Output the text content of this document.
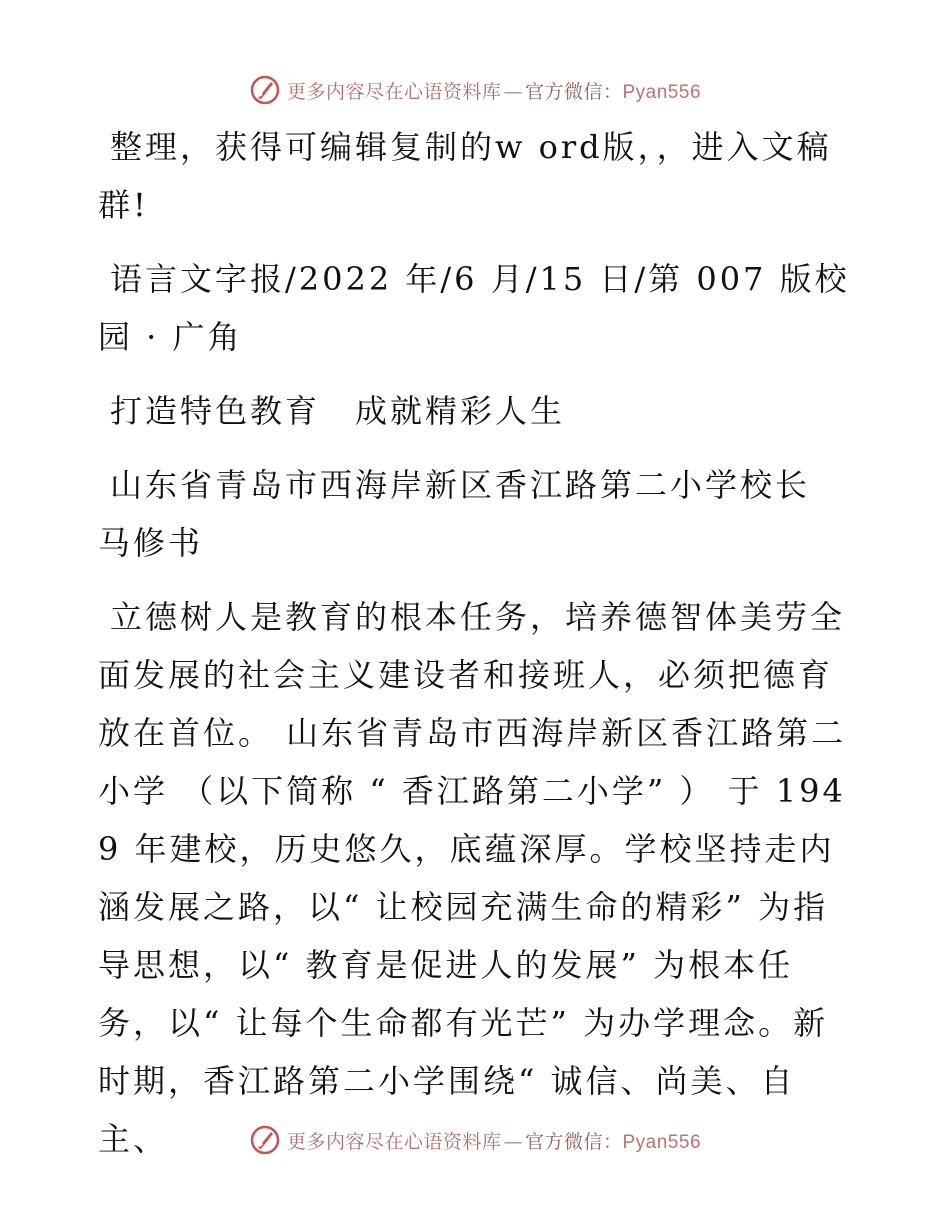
更多内容尽在心语资料库 — 官方微信：Pyan556

整理，获得可编辑复制的w ord版，，进入文稿群!

语言文字报/2022 年/6 月/15 日/第 007 版校园 · 广角

打造特色教育　成就精彩人生

山东省青岛市西海岸新区香江路第二小学校长　　　马修书

立德树人是教育的根本任务，培养德智体美劳全面发展的社会主义建设者和接班人，必须把德育放在首位。 山东省青岛市西海岸新区香江路第二小学 （以下简称 “ 香江路第二小学” ） 于 1949 年建校，历史悠久，底蕴深厚。学校坚持走内涵发展之路，以“ 让校园充满生命的精彩” 为指导思想，以“ 教育是促进人的发展” 为根本任务，以“ 让每个生命都有光芒” 为办学理念。新时期，香江路第二小学围绕“ 诚信、尚美、自主、	更多内容尽在心语资料库 — 官方微信：Pyan556
